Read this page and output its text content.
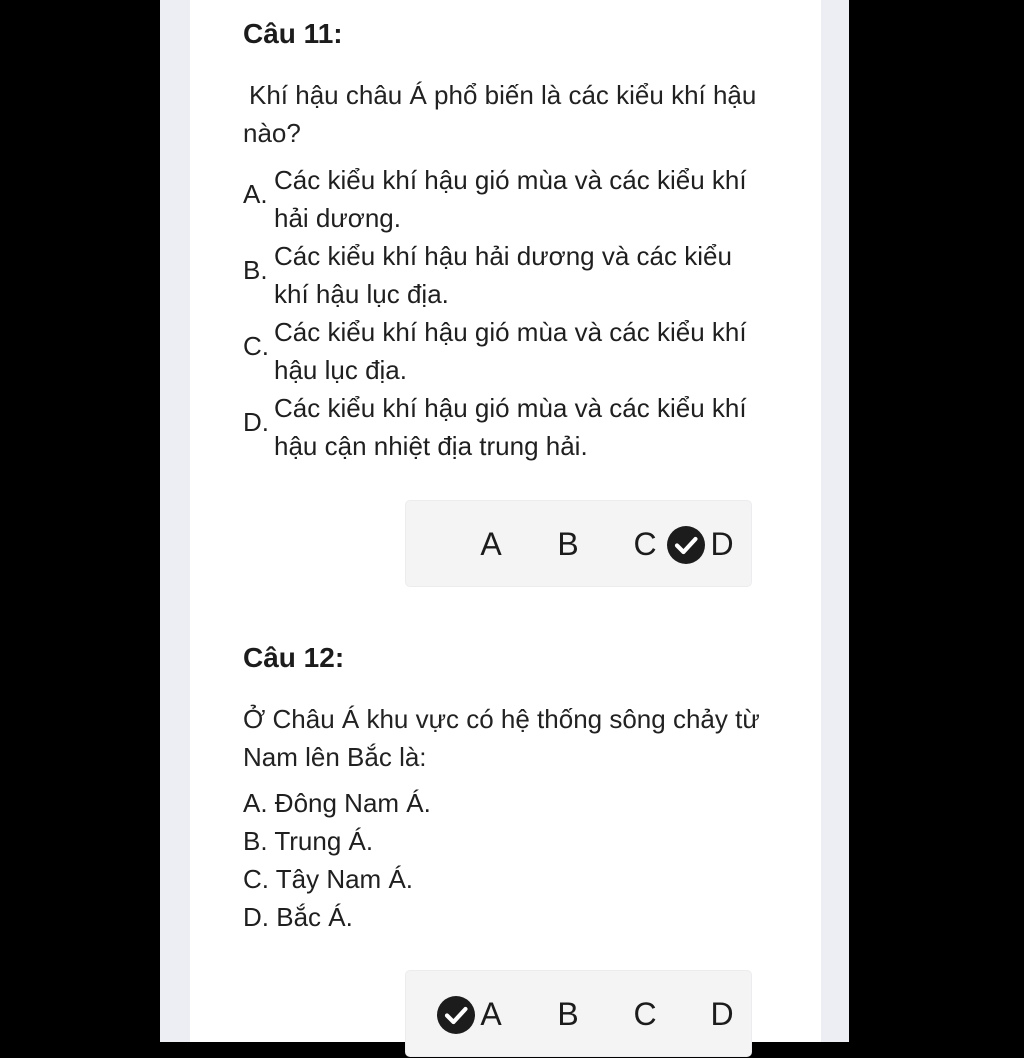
Câu 11:
Khí hậu châu Á phổ biến là các kiểu khí hậu nào?
A. Các kiểu khí hậu gió mùa và các kiểu khí hải dương.
B. Các kiểu khí hậu hải dương và các kiểu khí hậu lục địa.
C. Các kiểu khí hậu gió mùa và các kiểu khí hậu lục địa.
D. Các kiểu khí hậu gió mùa và các kiểu khí hậu cận nhiệt địa trung hải.
A B C D
Câu 12:
Ở Châu Á khu vực có hệ thống sông chảy từ Nam lên Bắc là:
A. Đông Nam Á.
B. Trung Á.
C. Tây Nam Á.
D. Bắc Á.
A B C D
